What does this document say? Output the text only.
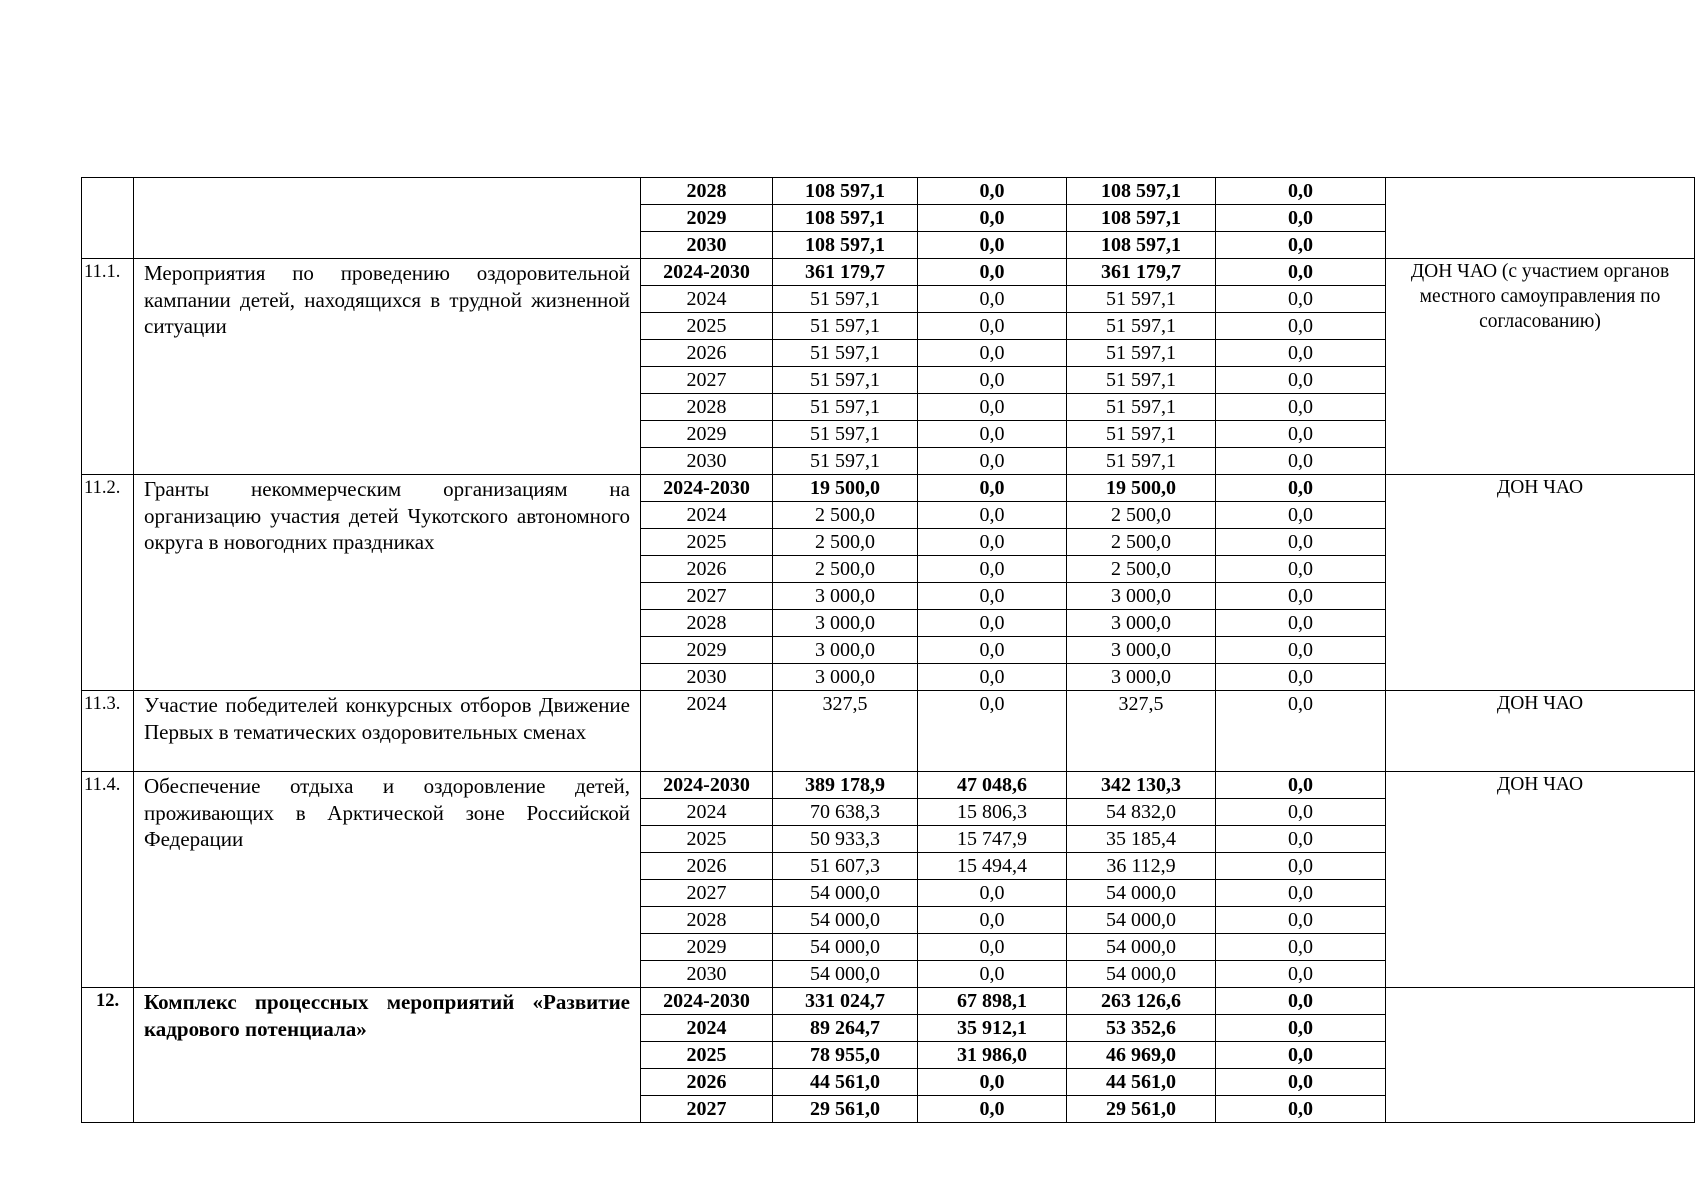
		2028	108 597,1	0,0	108 597,1	0,0	
		2029	108 597,1	0,0	108 597,1	0,0	
		2030	108 597,1	0,0	108 597,1	0,0	
11.1.	Мероприятия по проведению оздоровительной кампании детей, находящихся в трудной жизненной ситуации	2024-2030	361 179,7	0,0	361 179,7	0,0	ДОН ЧАО (с участием органов местного самоуправления по согласованию)
		2024	51 597,1	0,0	51 597,1	0,0	
		2025	51 597,1	0,0	51 597,1	0,0	
		2026	51 597,1	0,0	51 597,1	0,0	
		2027	51 597,1	0,0	51 597,1	0,0	
		2028	51 597,1	0,0	51 597,1	0,0	
		2029	51 597,1	0,0	51 597,1	0,0	
		2030	51 597,1	0,0	51 597,1	0,0	
11.2.	Гранты некоммерческим организациям на организацию участия детей Чукотского автономного округа в новогодних праздниках	2024-2030	19 500,0	0,0	19 500,0	0,0	ДОН ЧАО
		2024	2 500,0	0,0	2 500,0	0,0	
		2025	2 500,0	0,0	2 500,0	0,0	
		2026	2 500,0	0,0	2 500,0	0,0	
		2027	3 000,0	0,0	3 000,0	0,0	
		2028	3 000,0	0,0	3 000,0	0,0	
		2029	3 000,0	0,0	3 000,0	0,0	
		2030	3 000,0	0,0	3 000,0	0,0	
11.3.	Участие победителей конкурсных отборов Движение Первых в тематических оздоровительных сменах	2024	327,5	0,0	327,5	0,0	ДОН ЧАО
11.4.	Обеспечение отдыха и оздоровление детей, проживающих в Арктической зоне Российской Федерации	2024-2030	389 178,9	47 048,6	342 130,3	0,0	ДОН ЧАО
		2024	70 638,3	15 806,3	54 832,0	0,0	
		2025	50 933,3	15 747,9	35 185,4	0,0	
		2026	51 607,3	15 494,4	36 112,9	0,0	
		2027	54 000,0	0,0	54 000,0	0,0	
		2028	54 000,0	0,0	54 000,0	0,0	
		2029	54 000,0	0,0	54 000,0	0,0	
		2030	54 000,0	0,0	54 000,0	0,0	
12.	Комплекс процессных мероприятий «Развитие кадрового потенциала»	2024-2030	331 024,7	67 898,1	263 126,6	0,0	
		2024	89 264,7	35 912,1	53 352,6	0,0	
		2025	78 955,0	31 986,0	46 969,0	0,0	
		2026	44 561,0	0,0	44 561,0	0,0	
		2027	29 561,0	0,0	29 561,0	0,0	
